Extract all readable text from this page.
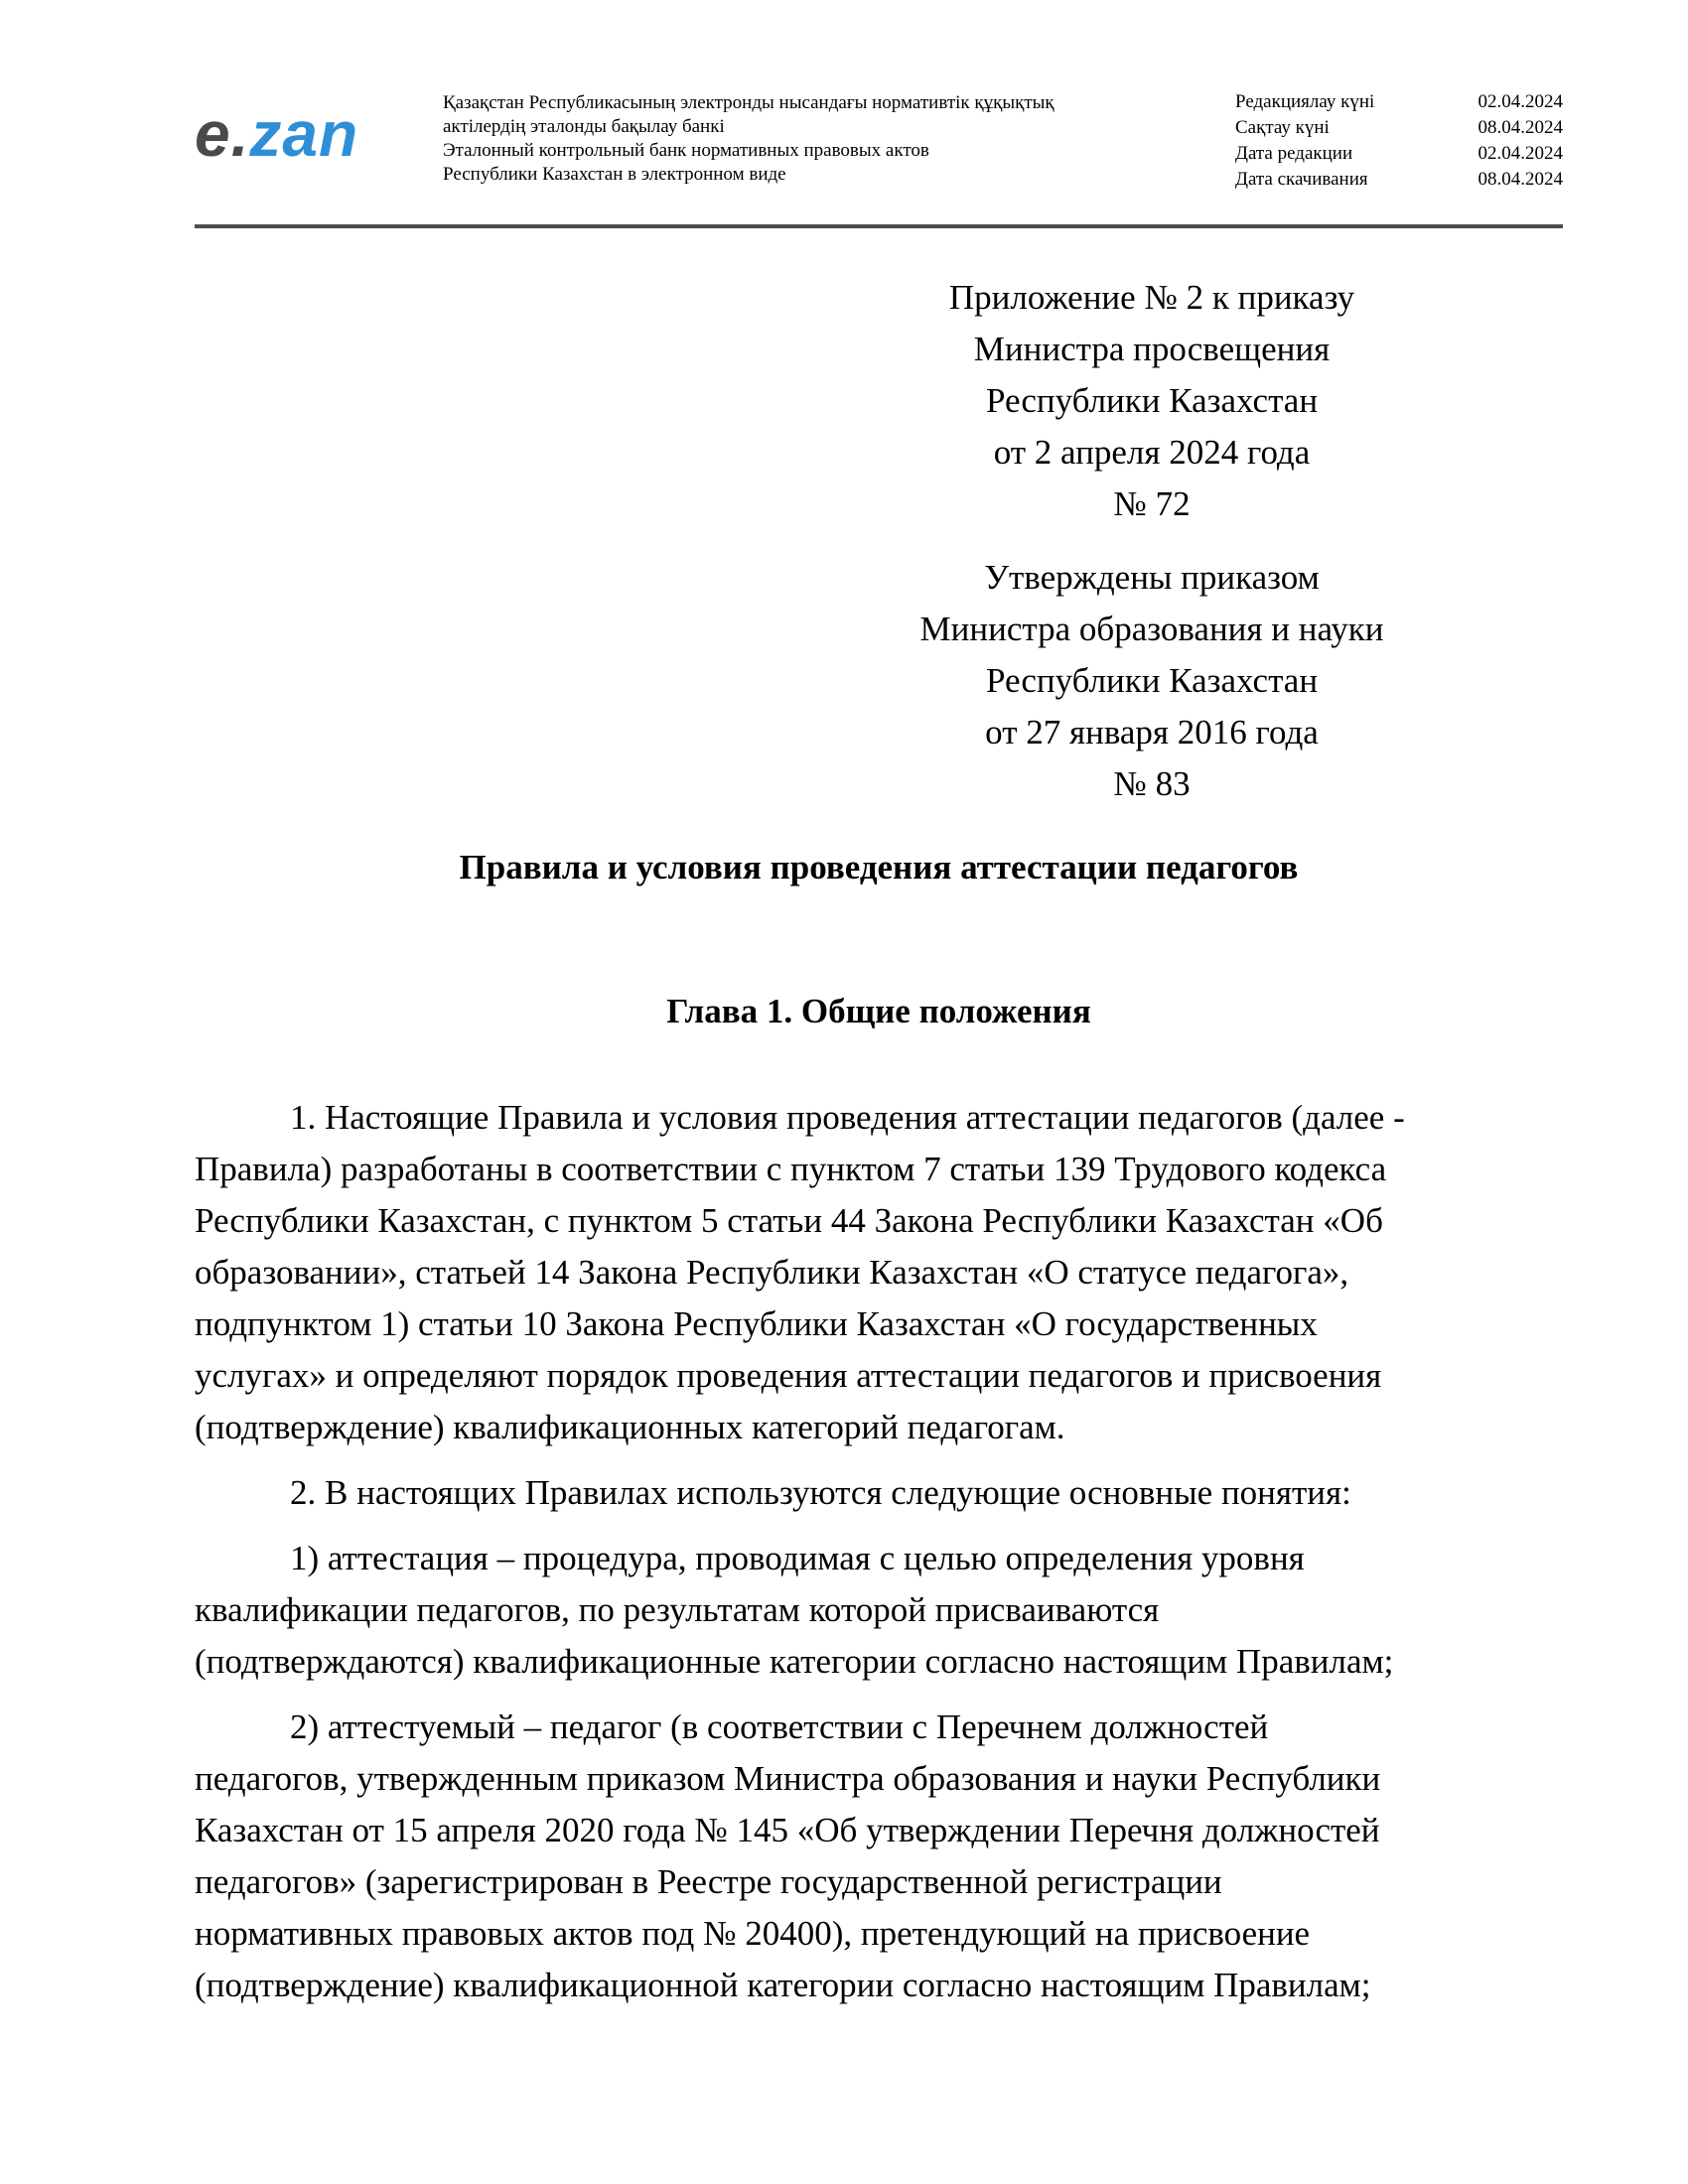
e.zan	Қазақстан Республикасының электронды нысандағы нормативтік құқықтық
актілердің эталонды бақылау банкі
Эталонный контрольный банк нормативных правовых актов
Республики Казахстан в электронном виде
Редакциялау күні	02.04.2024
Сақтау күні	08.04.2024
Дата редакции	02.04.2024
Дата скачивания	08.04.2024
Приложение № 2 к приказу
Министра просвещения
Республики Казахстан
от 2 апреля 2024 года
№ 72
Утверждены приказом
Министра образования и науки
Республики Казахстан
от 27 января 2016 года
№ 83
Правила и условия проведения аттестации педагогов
Глава 1. Общие положения
1. Настоящие Правила и условия проведения аттестации педагогов (далее -
Правила) разработаны в соответствии с пунктом 7 статьи 139 Трудового кодекса
Республики Казахстан, с пунктом 5 статьи 44 Закона Республики Казахстан «Об
образовании», статьей 14 Закона Республики Казахстан «О статусе педагога»,
подпунктом 1) статьи 10 Закона Республики Казахстан «О государственных
услугах» и определяют порядок проведения аттестации педагогов и присвоения
(подтверждение) квалификационных категорий педагогам.
2. В настоящих Правилах используются следующие основные понятия:
1) аттестация – процедура, проводимая с целью определения уровня
квалификации педагогов, по результатам которой присваиваются
(подтверждаются) квалификационные категории согласно настоящим Правилам;
2) аттестуемый – педагог (в соответствии с Перечнем должностей
педагогов, утвержденным приказом Министра образования и науки Республики
Казахстан от 15 апреля 2020 года № 145 «Об утверждении Перечня должностей
педагогов» (зарегистрирован в Реестре государственной регистрации
нормативных правовых актов под № 20400), претендующий на присвоение
(подтверждение) квалификационной категории согласно настоящим Правилам;
